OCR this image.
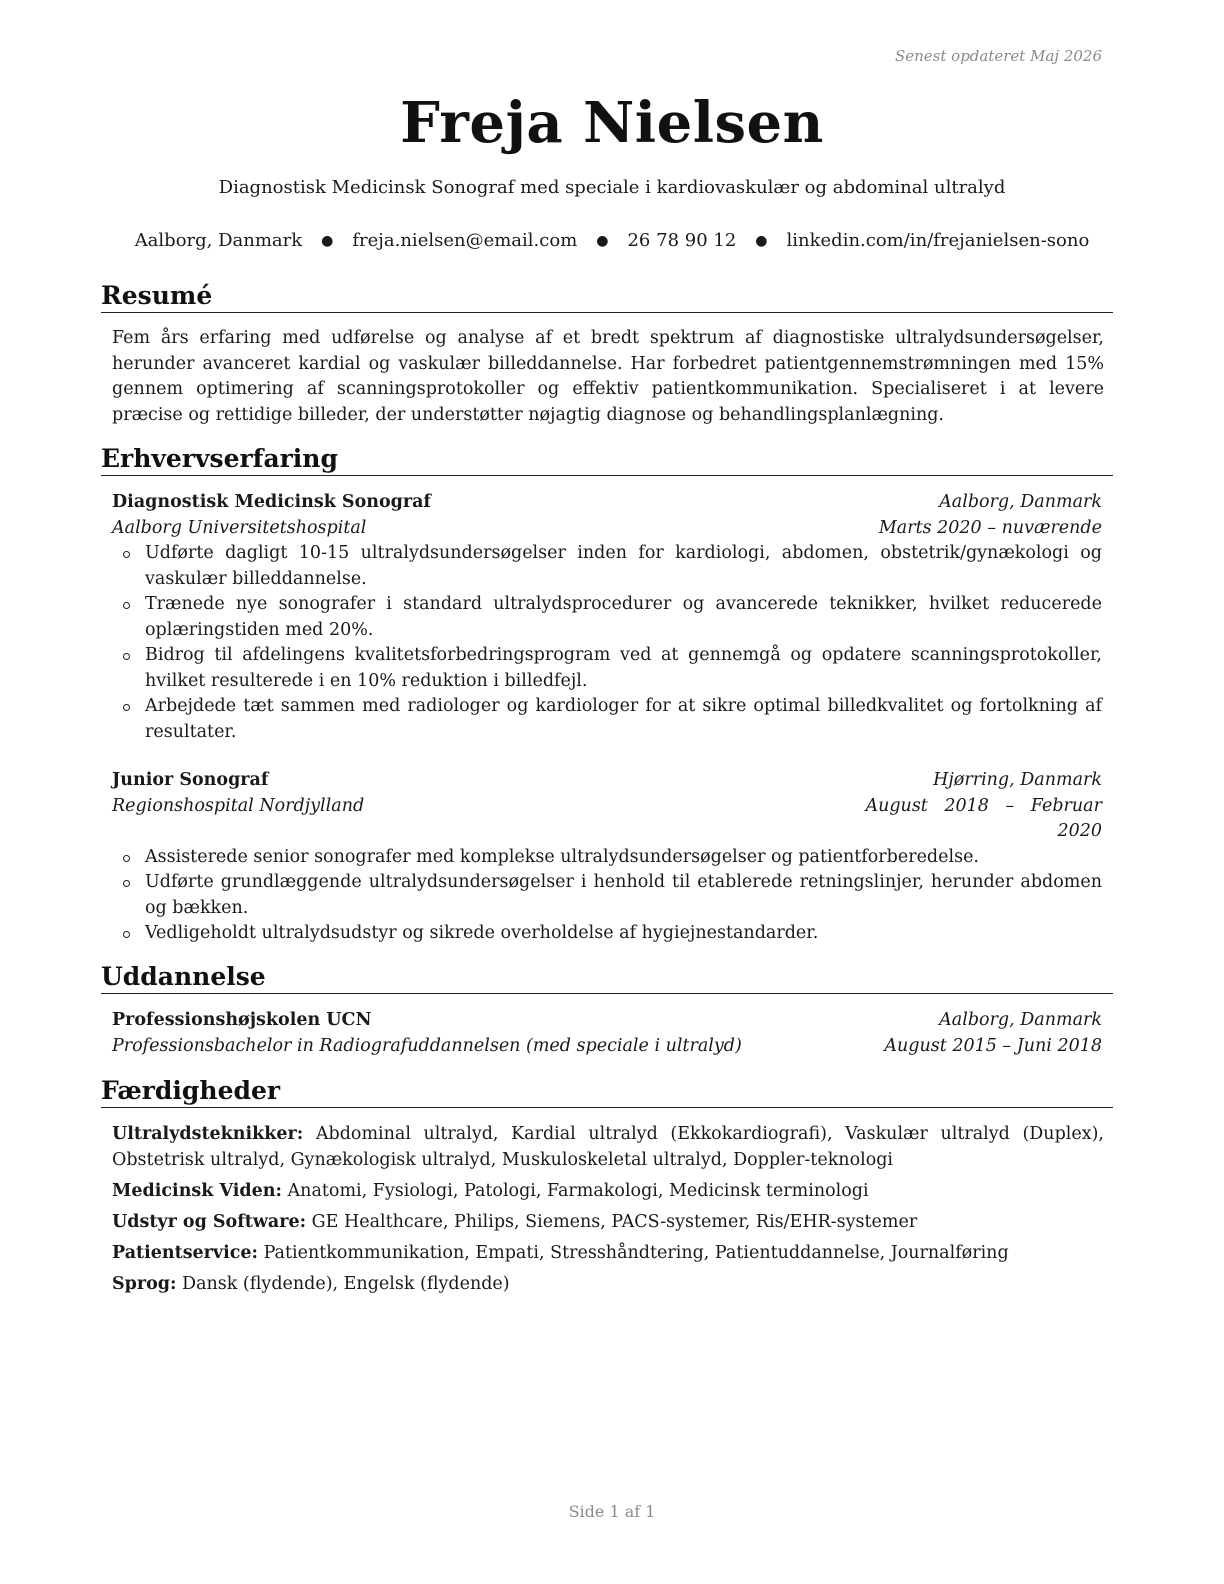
Senest opdateret Maj 2026
Freja Nielsen
Diagnostisk Medicinsk Sonograf med speciale i kardiovaskulær og abdominal ultralyd
Aalborg, Danmark ● freja.nielsen@email.com ● 26 78 90 12 ● linkedin.com/in/frejanielsen-sono
Resumé
Fem års erfaring med udførelse og analyse af et bredt spektrum af diagnostiske ultralydsundersøgelser, herunder avanceret kardial og vaskulær billeddannelse. Har forbedret patientgennemstrømningen med 15% gennem optimering af scanningsprotokoller og effektiv patientkommunikation. Specialiseret i at levere præcise og rettidige billeder, der understøtter nøjagtig diagnose og behandlingsplanlægning.
Erhvervserfaring
Diagnostisk Medicinsk Sonograf	Aalborg, Danmark
Aalborg Universitetshospital	Marts 2020 – nuværende
Udførte dagligt 10-15 ultralydsundersøgelser inden for kardiologi, abdomen, obstetrik/gynækologi og vaskulær billeddannelse.
Trænede nye sonografer i standard ultralydsprocedurer og avancerede teknikker, hvilket reducerede oplæringstiden med 20%.
Bidrog til afdelingens kvalitetsforbedringsprogram ved at gennemgå og opdatere scanningsprotokoller, hvilket resulterede i en 10% reduktion i billedfejl.
Arbejdede tæt sammen med radiologer og kardiologer for at sikre optimal billedkvalitet og fortolkning af resultater.
Junior Sonograf	Hjørring, Danmark
Regionshospital Nordjylland	August 2018 – Februar
2020
Assisterede senior sonografer med komplekse ultralydsundersøgelser og patientforberedelse.
Udførte grundlæggende ultralydsundersøgelser i henhold til etablerede retningslinjer, herunder abdomen og bækken.
Vedligeholdt ultralydsudstyr og sikrede overholdelse af hygiejnestandarder.
Uddannelse
Professionshøjskolen UCN	Aalborg, Danmark
Professionsbachelor in Radiografuddannelsen (med speciale i ultralyd)	August 2015 – Juni 2018
Færdigheder
Ultralydsteknikker: Abdominal ultralyd, Kardial ultralyd (Ekkokardiografi), Vaskulær ultralyd (Duplex), Obstetrisk ultralyd, Gynækologisk ultralyd, Muskuloskeletal ultralyd, Doppler-teknologi
Medicinsk Viden: Anatomi, Fysiologi, Patologi, Farmakologi, Medicinsk terminologi
Udstyr og Software: GE Healthcare, Philips, Siemens, PACS-systemer, Ris/EHR-systemer
Patientservice: Patientkommunikation, Empati, Stresshåndtering, Patientuddannelse, Journalføring
Sprog: Dansk (flydende), Engelsk (flydende)
Side 1 af 1
